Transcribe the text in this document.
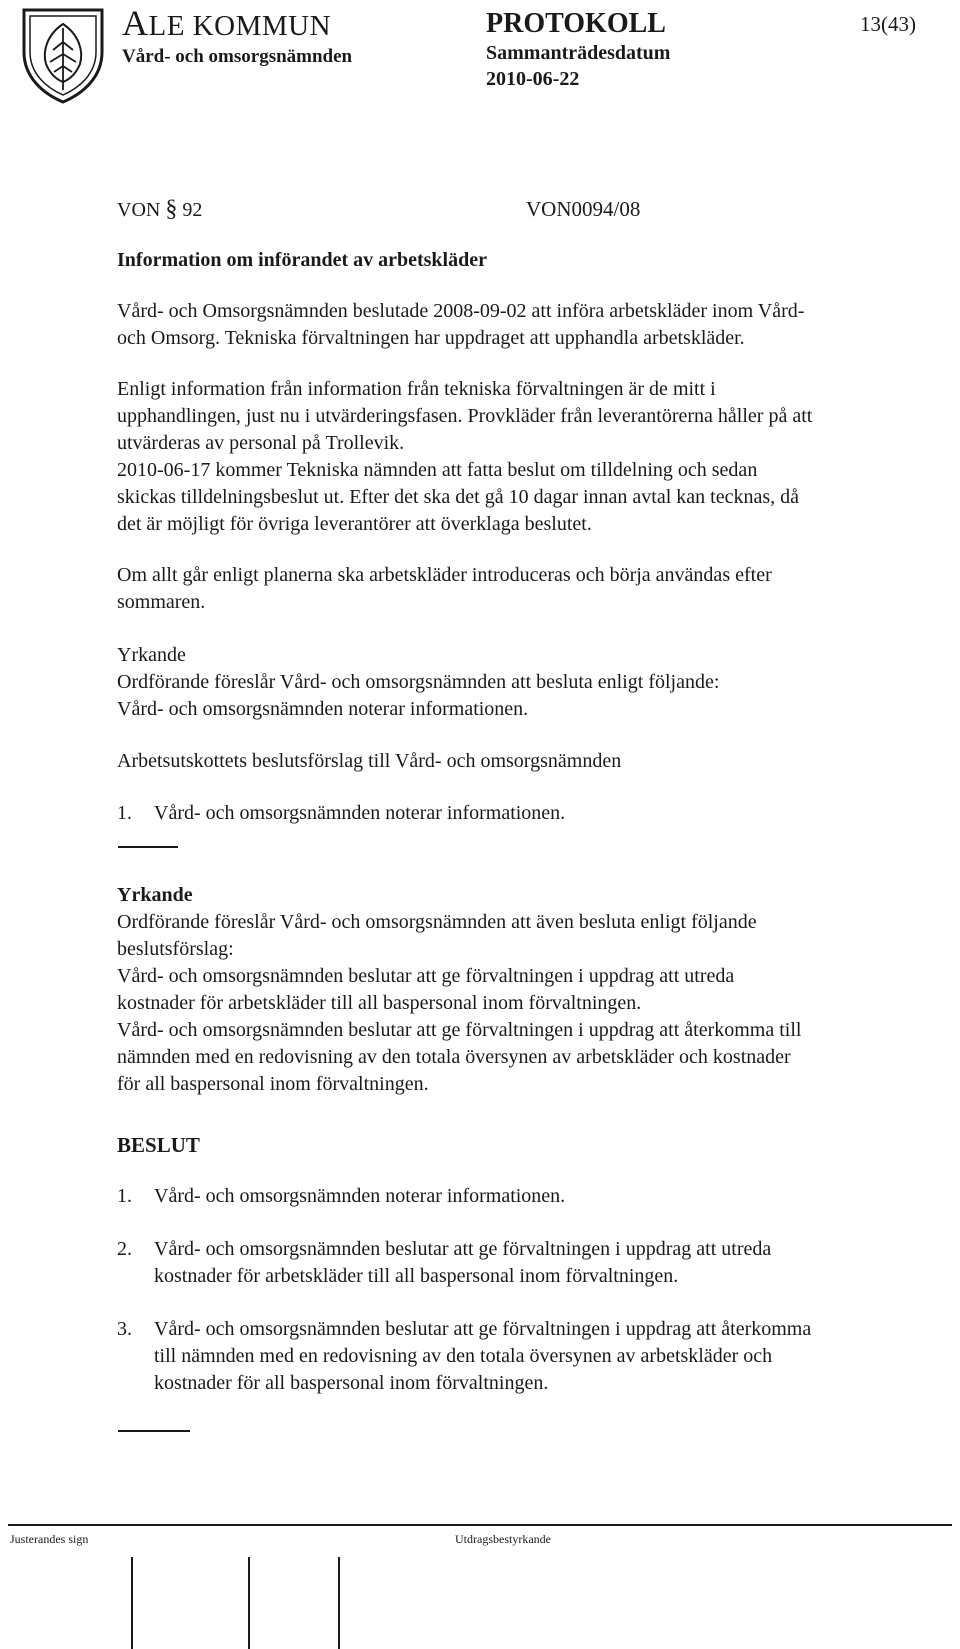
ALE KOMMUN
Vård- och omsorgsnämnden
PROTOKOLL
Sammanträdesdatum
2010-06-22
13(43)
VON § 92	VON0094/08
Information om införandet av arbetskläder
Vård- och Omsorgsnämnden beslutade 2008-09-02 att införa arbetskläder inom Vård-
och Omsorg. Tekniska förvaltningen har uppdraget att upphandla arbetskläder.
Enligt information från information från tekniska förvaltningen är de mitt i
upphandlingen, just nu i utvärderingsfasen. Provkläder från leverantörerna håller på att
utvärderas av personal på Trollevik.
2010-06-17 kommer Tekniska nämnden att fatta beslut om tilldelning och sedan
skickas tilldelningsbeslut ut. Efter det ska det gå 10 dagar innan avtal kan tecknas, då
det är möjligt för övriga leverantörer att överklaga beslutet.
Om allt går enligt planerna ska arbetskläder introduceras och börja användas efter
sommaren.
Yrkande
Ordförande föreslår Vård- och omsorgsnämnden att besluta enligt följande:
Vård- och omsorgsnämnden noterar informationen.
Arbetsutskottets beslutsförslag till Vård- och omsorgsnämnden
1. Vård- och omsorgsnämnden noterar informationen.
Yrkande
Ordförande föreslår Vård- och omsorgsnämnden att även besluta enligt följande
beslutsförslag:
Vård- och omsorgsnämnden beslutar att ge förvaltningen i uppdrag att utreda
kostnader för arbetskläder till all baspersonal inom förvaltningen.
Vård- och omsorgsnämnden beslutar att ge förvaltningen i uppdrag att återkomma till
nämnden med en redovisning av den totala översynen av arbetskläder och kostnader
för all baspersonal inom förvaltningen.
BESLUT
1. Vård- och omsorgsnämnden noterar informationen.
2. Vård- och omsorgsnämnden beslutar att ge förvaltningen i uppdrag att utreda
kostnader för arbetskläder till all baspersonal inom förvaltningen.
3. Vård- och omsorgsnämnden beslutar att ge förvaltningen i uppdrag att återkomma
till nämnden med en redovisning av den totala översynen av arbetskläder och
kostnader för all baspersonal inom förvaltningen.
Justerandes sign	Utdragsbestyrkande
